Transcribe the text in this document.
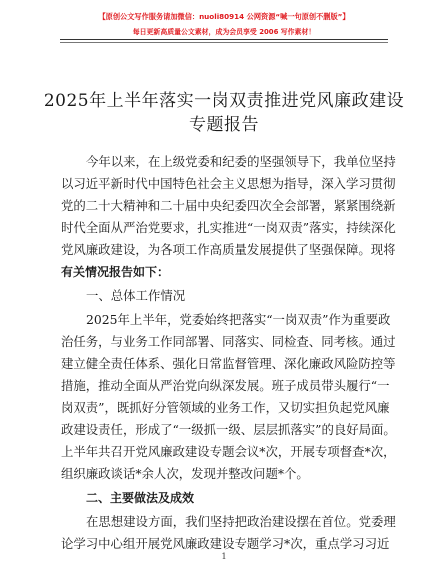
【原创公文写作服务请加微信：nuoli80914 公网资源“喊一句原创不删版”】
每日更新高质量公文素材，成为会员享受 2006 写作素材！
2025年上半年落实一岗双责推进党风廉政建设
专题报告
今年以来，在上级党委和纪委的坚强领导下，我单位坚持
以习近平新时代中国特色社会主义思想为指导，深入学习贯彻
党的二十大精神和二十届中央纪委四次全会部署，紧紧围绕新
时代全面从严治党要求，扎实推进“一岗双责”落实，持续深化
党风廉政建设，为各项工作高质量发展提供了坚强保障。现将
有关情况报告如下：
一、总体工作情况
2025年上半年，党委始终把落实“一岗双责”作为重要政
治任务，与业务工作同部署、同落实、同检查、同考核。通过
建立健全责任体系、强化日常监督管理、深化廉政风险防控等
措施，推动全面从严治党向纵深发展。班子成员带头履行“一
岗双责”，既抓好分管领域的业务工作，又切实担负起党风廉
政建设责任，形成了“一级抓一级、层层抓落实”的良好局面。
上半年共召开党风廉政建设专题会议*次，开展专项督查*次，
组织廉政谈话*余人次，发现并整改问题*个。
二、主要做法及成效
在思想建设方面，我们坚持把政治建设摆在首位。党委理
论学习中心组开展党风廉政建设专题学习*次，重点学习习近
1
